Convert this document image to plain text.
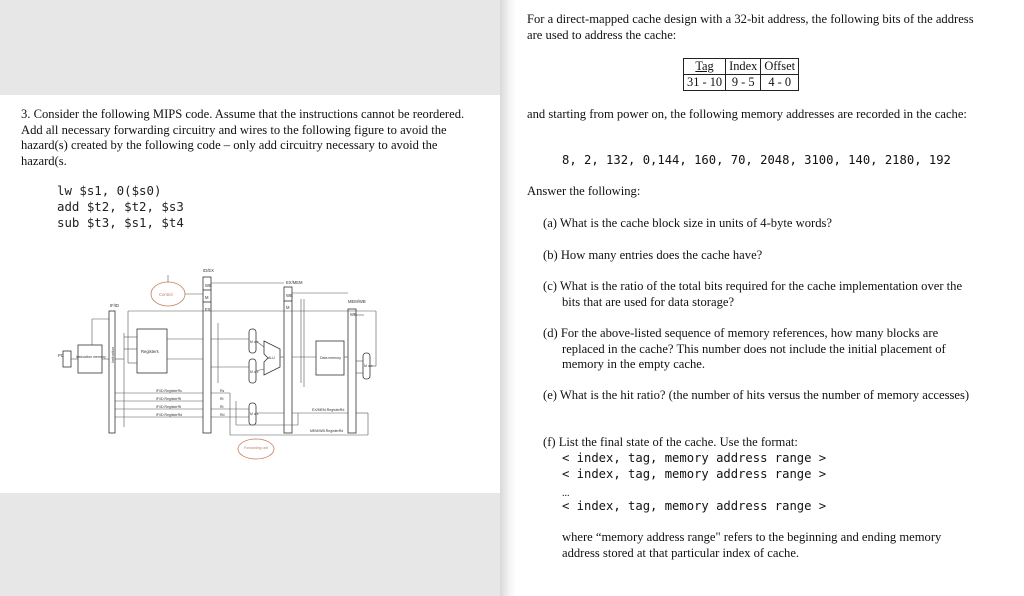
3. Consider the following MIPS code. Assume that the instructions cannot be reordered. Add all necessary forwarding circuitry and wires to the following figure to avoid the hazard(s) created by the following code – only add circuitry necessary to avoid the hazard(s.

lw $s1, 0($s0)
add $t2, $t2, $s3
sub $t3, $s1, $t4
IF/ID
ID/EX
EX/MEM
MEM/WB
Control
WB
M
EX
WB
M
WB
Registers
PC	Instruction memory	ALU	Data memory
M u x
M u x
M u x
M u x
Forwarding unit
IF/ID.RegisterRs
IF/ID.RegisterRt
IF/ID.RegisterRt
IF/ID.RegisterRd
Rs
Rt
Rt
Rd
EX/MEM.RegisterRd
MEM/WB.RegisterRd
Instruction

For a direct-mapped cache design with a 32-bit address, the following bits of the address are used to address the cache:

Tag	Index	Offset
31 - 10	9 - 5	4 - 0

and starting from power on, the following memory addresses are recorded in the cache:

8, 2, 132, 0,144, 160, 70, 2048, 3100, 140, 2180, 192

Answer the following:

(a) What is the cache block size in units of 4-byte words?

(b) How many entries does the cache have?

(c) What is the ratio of the total bits required for the cache implementation over the bits that are used for data storage?

(d) For the above-listed sequence of memory references, how many blocks are replaced in the cache? This number does not include the initial placement of memory in the empty cache.

(e) What is the hit ratio? (the number of hits versus the number of memory accesses)

(f) List the final state of the cache. Use the format:

< index, tag, memory address range >

< index, tag, memory address range >

...

< index, tag, memory address range >

where “memory address range" refers to the beginning and ending memory address stored at that particular index of cache.
